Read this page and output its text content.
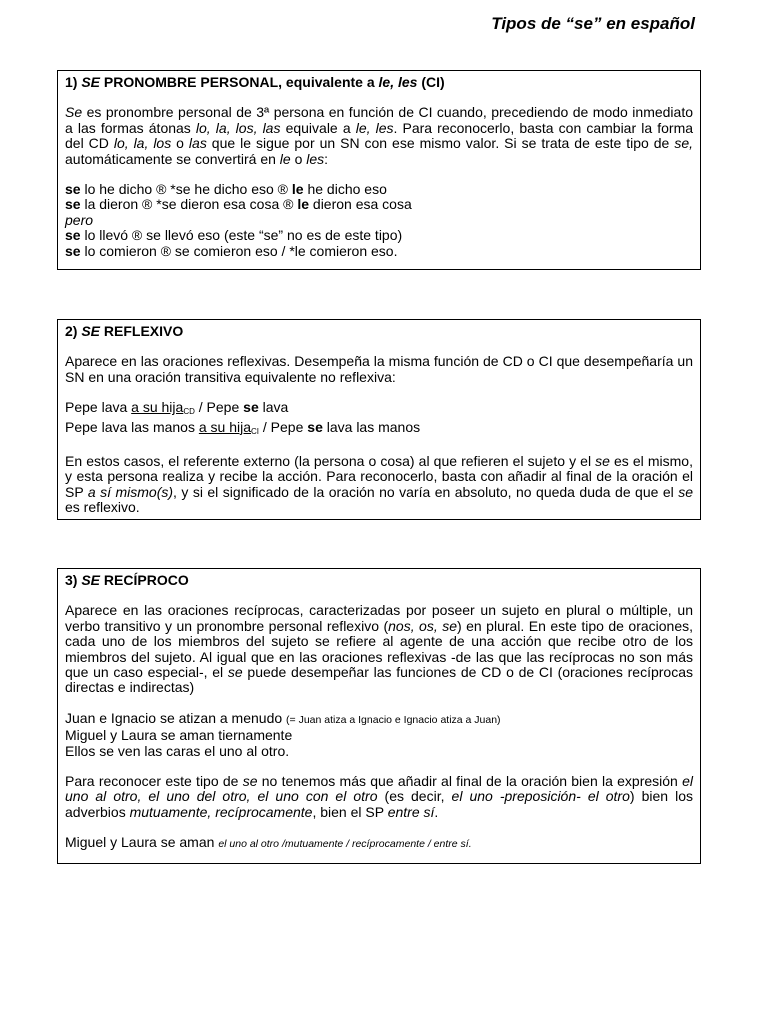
Tipos de “se” en español
1) SE PRONOMBRE PERSONAL, equivalente a le, les (CI)

Se es pronombre personal de 3ª persona en función de CI cuando, precediendo de modo inmediato a las formas átonas lo, la, los, las equivale a le, les. Para reconocerlo, basta con cambiar la forma del CD lo, la, los o las que le sigue por un SN con ese mismo valor. Si se trata de este tipo de se, automáticamente se convertirá en le o les:

se lo he dicho ® *se he dicho eso ® le he dicho eso
se la dieron ® *se dieron esa cosa ® le dieron esa cosa
pero
se lo llevó ® se llevó eso (este “se” no es de este tipo)
se lo comieron ® se comieron eso / *le comieron eso.
2) SE REFLEXIVO

Aparece en las oraciones reflexivas. Desempeña la misma función de CD o CI que desempeñaría un SN en una oración transitiva equivalente no reflexiva:

Pepe lava a su hija$_{CD}$ / Pepe se lava
Pepe lava las manos a su hija$_{CI}$ / Pepe se lava las manos

En estos casos, el referente externo (la persona o cosa) al que refieren el sujeto y el se es el mismo, y esta persona realiza y recibe la acción. Para reconocerlo, basta con añadir al final de la oración el SP a sí mismo(s), y si el significado de la oración no varía en absoluto, no queda duda de que el se es reflexivo.

3) SE RECÍPROCO

Aparece en las oraciones recíprocas, caracterizadas por poseer un sujeto en plural o múltiple, un verbo transitivo y un pronombre personal reflexivo (nos, os, se) en plural. En este tipo de oraciones, cada uno de los miembros del sujeto se refiere al agente de una acción que recibe otro de los miembros del sujeto. Al igual que en las oraciones reflexivas -de las que las recíprocas no son más que un caso especial-, el se puede desempeñar las funciones de CD o de CI (oraciones recíprocas directas e indirectas)

Juan e Ignacio se atizan a menudo (= Juan atiza a Ignacio e Ignacio atiza a Juan)
Miguel y Laura se aman tiernamente
Ellos se ven las caras el uno al otro.

Para reconocer este tipo de se no tenemos más que añadir al final de la oración bien la expresión el uno al otro, el uno del otro, el uno con el otro (es decir, el uno -preposición- el otro) bien los adverbios mutuamente, recíprocamente, bien el SP entre sí.

Miguel y Laura se aman el uno al otro /mutuamente / recíprocamente / entre sí.
